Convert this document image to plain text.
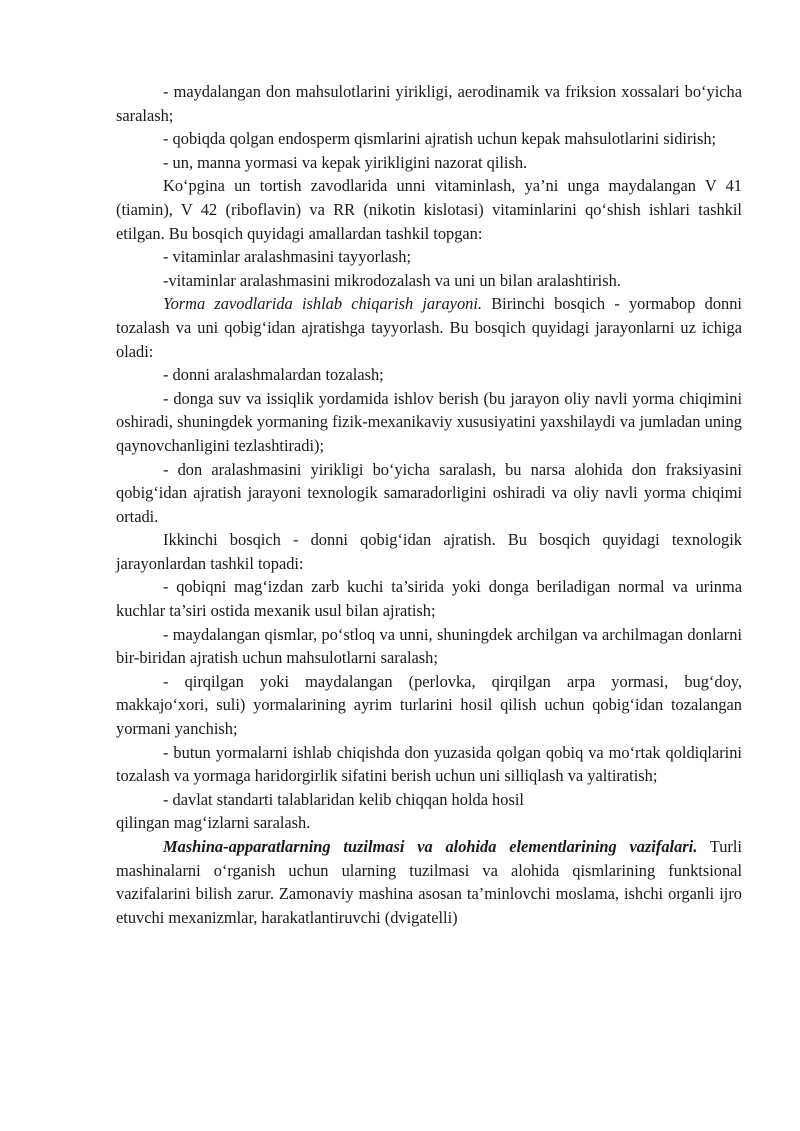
- maydalangan don mahsulotlarini yirikligi, aerodinamik va friksion xossalari bo‘yicha saralash;

- qobiqda qolgan endosperm qismlarini ajratish uchun kepak mahsulotlarini sidirish;

- un, manna yormasi va kepak yirikligini nazorat qilish.

Ko‘pgina un tortish zavodlarida unni vitaminlash, ya’ni unga maydalangan V 41 (tiamin), V 42 (riboflavin) va RR (nikotin kislotasi) vitaminlarini qo‘shish ishlari tashkil etilgan. Bu bosqich quyidagi amallardan tashkil topgan:

- vitaminlar aralashmasini tayyorlash;

-vitaminlar aralashmasini mikrodozalash va uni un bilan aralashtirish.

Yorma zavodlarida ishlab chiqarish jarayoni. Birinchi bosqich - yormabop donni tozalash va uni qobig‘idan ajratishga tayyorlash. Bu bosqich quyidagi jarayonlarni uz ichiga oladi:

- donni aralashmalardan tozalash;

- donga suv va issiqlik yordamida ishlov berish (bu jarayon oliy navli yorma chiqimini oshiradi, shuningdek yormaning fizik-mexanikaviy xususiyatini yaxshilaydi va jumladan uning qaynovchanligini tezlashtiradi);

- don aralashmasini yirikligi bo‘yicha saralash, bu narsa alohida don fraksiyasini qobig‘idan ajratish jarayoni texnologik samaradorligini oshiradi va oliy navli yorma chiqimi ortadi.

Ikkinchi bosqich - donni qobig‘idan ajratish. Bu bosqich quyidagi texnologik jarayonlardan tashkil topadi:

- qobiqni mag‘izdan zarb kuchi ta’sirida yoki donga beriladigan normal va urinma kuchlar ta’siri ostida mexanik usul bilan ajratish;

- maydalangan qismlar, po‘stloq va unni, shuningdek archilgan va archilmagan donlarni bir-biridan ajratish uchun mahsulotlarni saralash;

- qirqilgan yoki maydalangan (perlovka, qirqilgan arpa yormasi, bug‘doy, makkajo‘xori, suli) yormalarining ayrim turlarini hosil qilish uchun qobig‘idan tozalangan yormani yanchish;

- butun yormalarni ishlab chiqishda don yuzasida qolgan qobiq va mo‘rtak qoldiqlarini tozalash va yormaga haridorgirlik sifatini berish uchun uni silliqlash va yaltiratish;

- davlat standarti talablaridan kelib chiqqan holda hosil

qilingan mag‘izlarni saralash.

Mashina-apparatlarning tuzilmasi va alohida elementlarining vazifalari. Turli mashinalarni o‘rganish uchun ularning tuzilmasi va alohida qismlarining funktsional vazifalarini bilish zarur. Zamonaviy mashina asosan ta’minlovchi moslama, ishchi organli ijro etuvchi mexanizmlar, harakatlantiruvchi (dvigatelli)
